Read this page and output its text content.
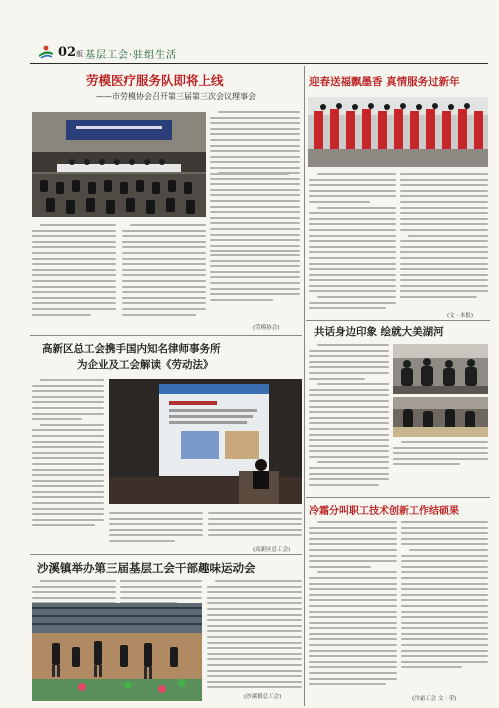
02版 基层工会·驻组生活
劳模医疗服务队即将上线
——市劳模协会召开第三届第三次会议理事会
(劳模协会)
高新区总工会携手国内知名律师事务所
为企业及工会解读《劳动法》
(高新区总工会)
沙溪镇举办第三届基层工会干部趣味运动会
(沙溪镇总工会)
迎春送福飘墨香 真情服务过新年
(文 · 本报)
共话身边印象 绘就大美湖河
冷霜分叫职工技术创新工作结硕果
(冷霜工会 文 · 荣)
